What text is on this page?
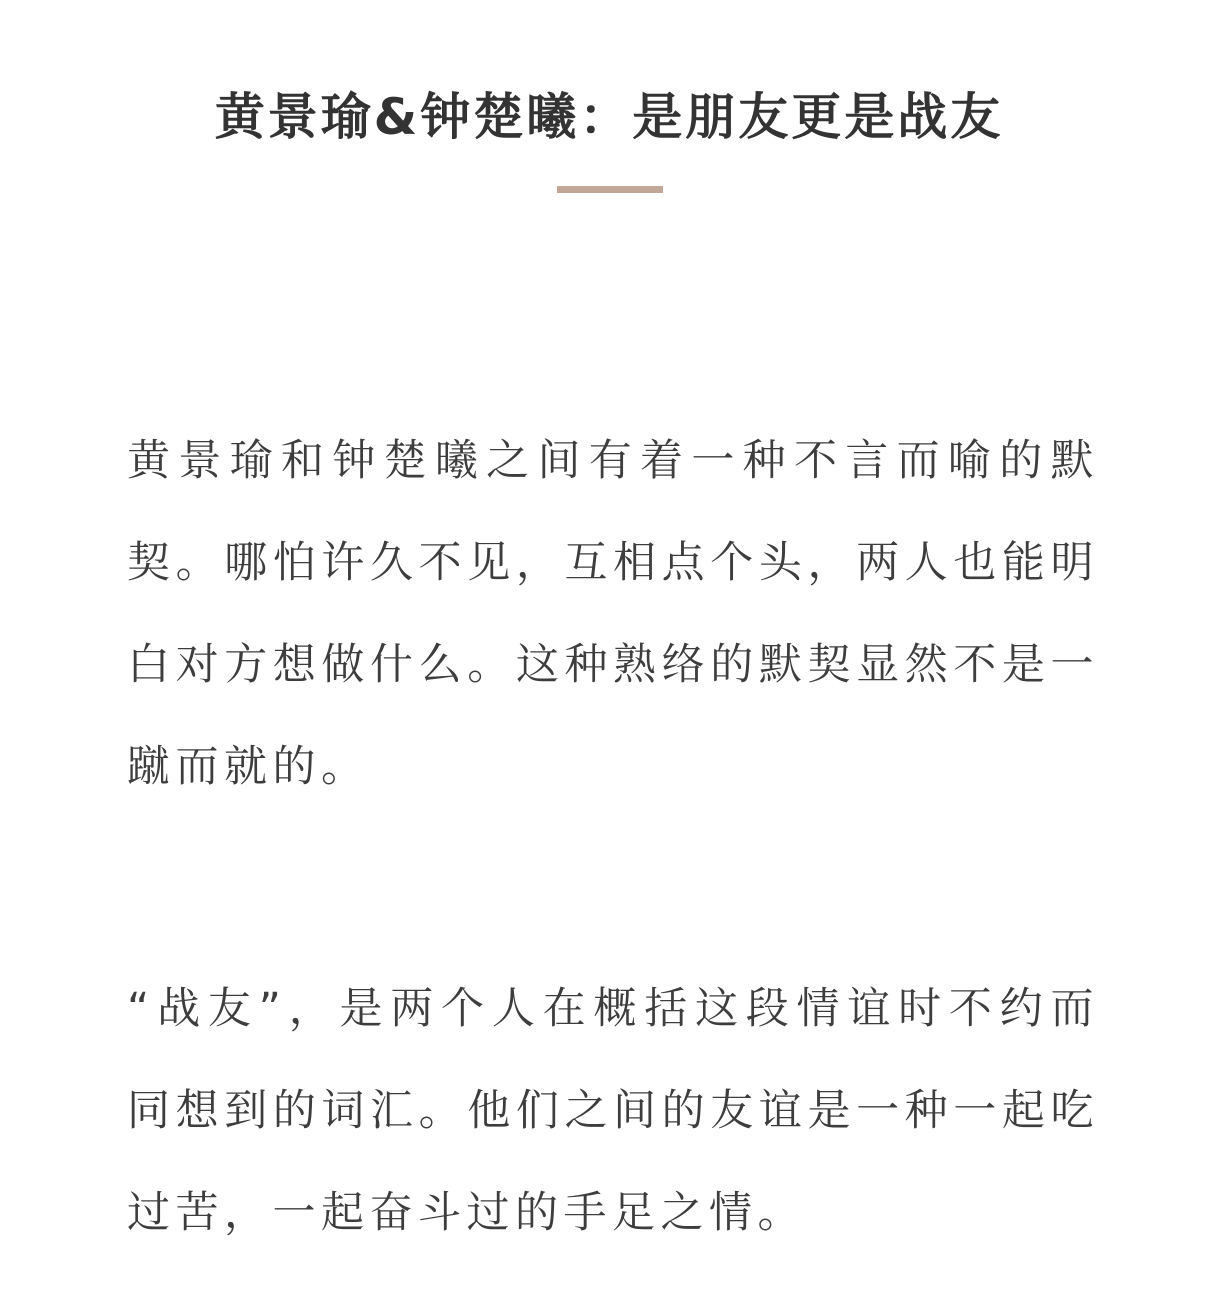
黄景瑜&钟楚曦：是朋友更是战友

黄景瑜和钟楚曦之间有着一种不言而喻的默契。哪怕许久不见，互相点个头，两人也能明白对方想做什么。这种熟络的默契显然不是一蹴而就的。

“战友”，是两个人在概括这段情谊时不约而同想到的词汇。他们之间的友谊是一种一起吃过苦，一起奋斗过的手足之情。
